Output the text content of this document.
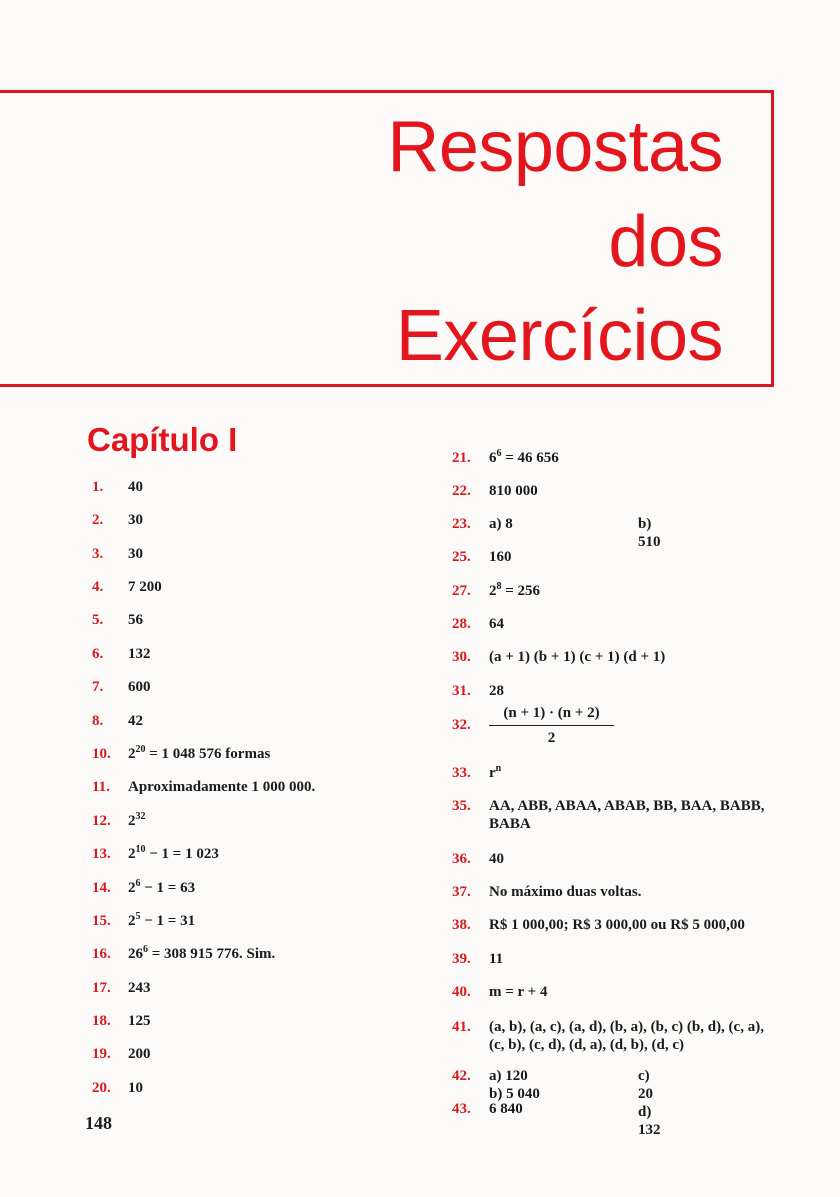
Respostas
dos
Exercícios
Capítulo I
1. 40
2. 30
3. 30
4. 7 200
5. 56
6. 132
7. 600
8. 42
10. $2^{20} = 1$ 048 576 formas
11. Aproximadamente 1 000 000.
12. $2^{32}$
13. $2^{10} - 1 = 1$ 023
14. $2^6 - 1 = 63$
15. $2^5 - 1 = 31$
16. $26^6 = 308$ 915 776. Sim.
17. 243
18. 125
19. 200
20. 10
21. $6^6 = 46$ 656
22. 810 000
23. a) 8	b) 510
25. 160
27. $2^8 = 256$
28. 64
30. (a + 1) (b + 1) (c + 1) (d + 1)
31. 28
32. $\frac{(n + 1) \cdot (n + 2)}{2}$
33. $r^n$
35. AA, ABB, ABAA, ABAB, BB, BAA, BABB,
BABA
36. 40
37. No máximo duas voltas.
38. R$ 1 000,00; R$ 3 000,00 ou R$ 5 000,00
39. 11
40. m = r + 4
41. (a, b), (a, c), (a, d), (b, a), (b, c) (b, d), (c, a),
(c, b), (c, d), (d, a), (d, b), (d, c)
42. a) 120
b) 5 040
c) 20
d) 132
43. 6 840
148
